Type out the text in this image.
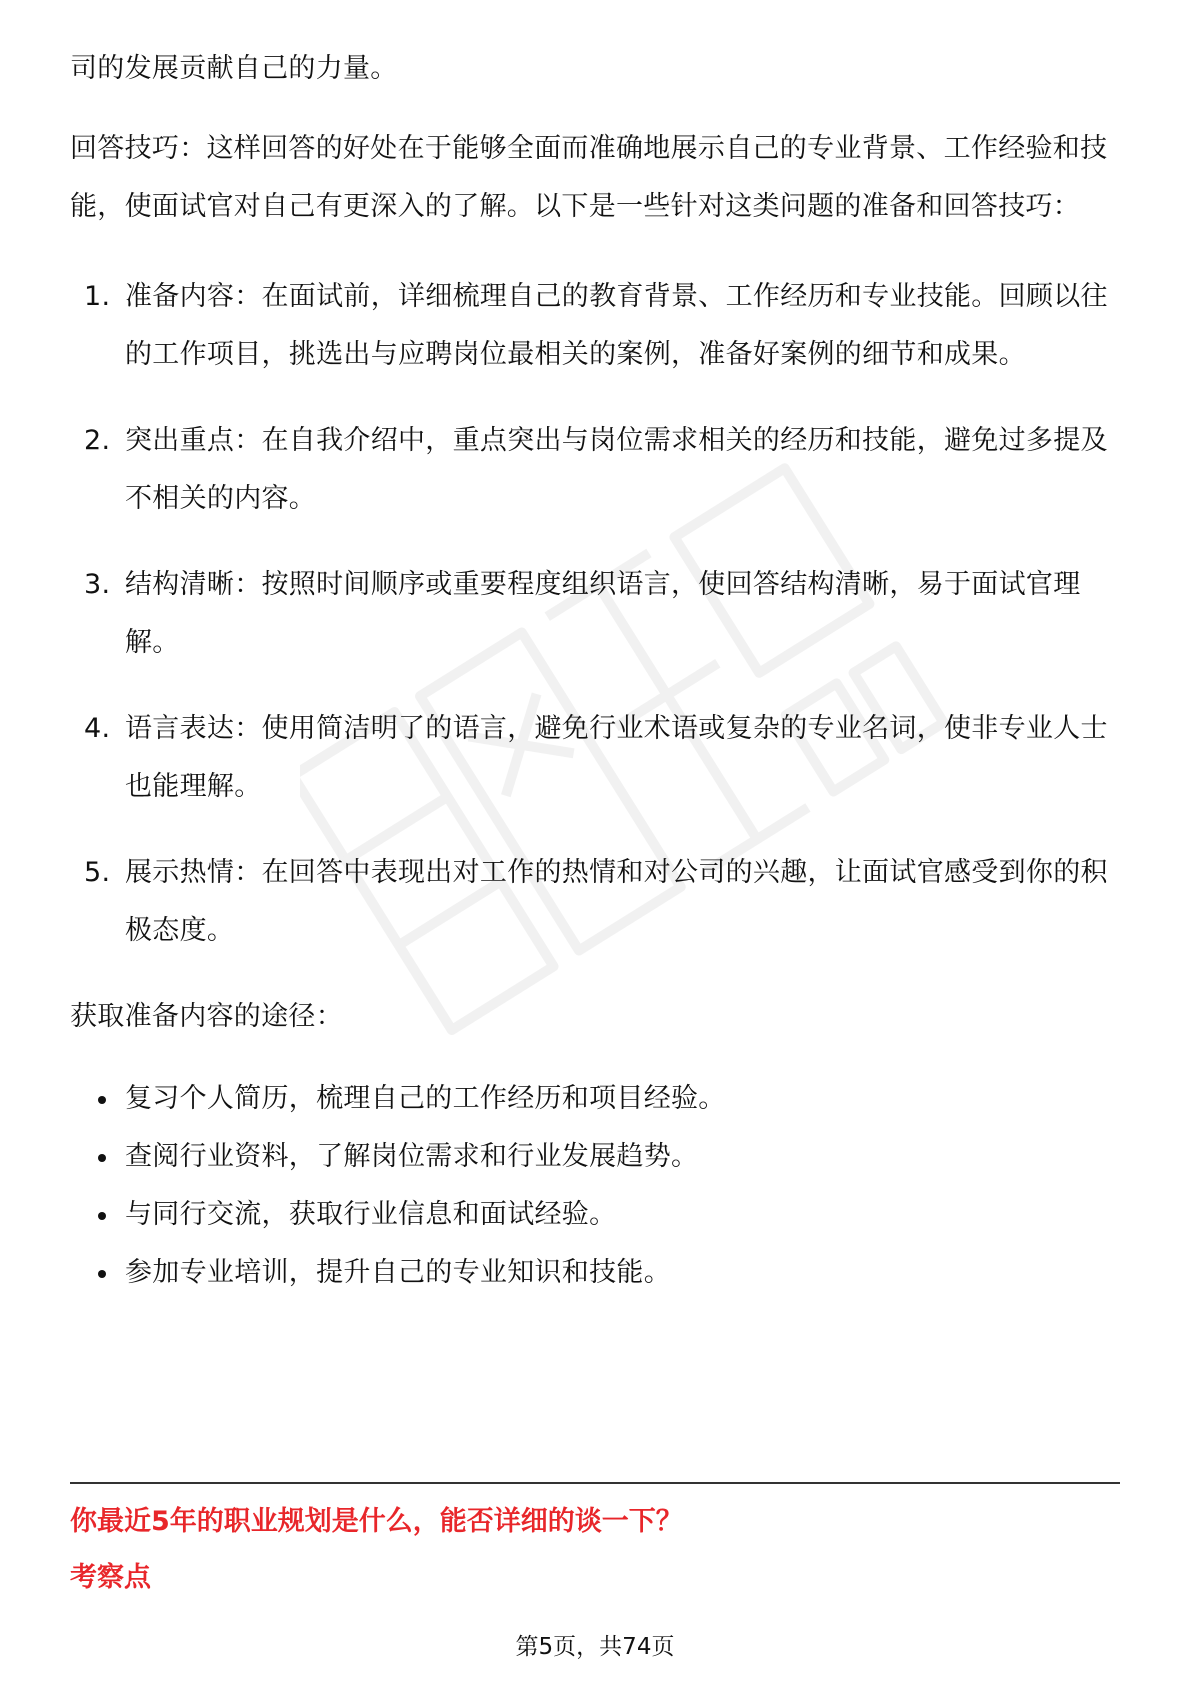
司的发展贡献自己的力量。

回答技巧：这样回答的好处在于能够全面而准确地展示自己的专业背景、工作经验和技能，使面试官对自己有更深入的了解。以下是一些针对这类问题的准备和回答技巧：

1. 准备内容：在面试前，详细梳理自己的教育背景、工作经历和专业技能。回顾以往的工作项目，挑选出与应聘岗位最相关的案例，准备好案例的细节和成果。
2. 突出重点：在自我介绍中，重点突出与岗位需求相关的经历和技能，避免过多提及不相关的内容。
3. 结构清晰：按照时间顺序或重要程度组织语言，使回答结构清晰，易于面试官理解。
4. 语言表达：使用简洁明了的语言，避免行业术语或复杂的专业名词，使非专业人士也能理解。
5. 展示热情：在回答中表现出对工作的热情和对公司的兴趣，让面试官感受到你的积极态度。

获取准备内容的途径：

复习个人简历，梳理自己的工作经历和项目经验。
查阅行业资料，了解岗位需求和行业发展趋势。
与同行交流，获取行业信息和面试经验。
参加专业培训，提升自己的专业知识和技能。
你最近5年的职业规划是什么，能否详细的谈一下？
考察点
第5页，共74页
